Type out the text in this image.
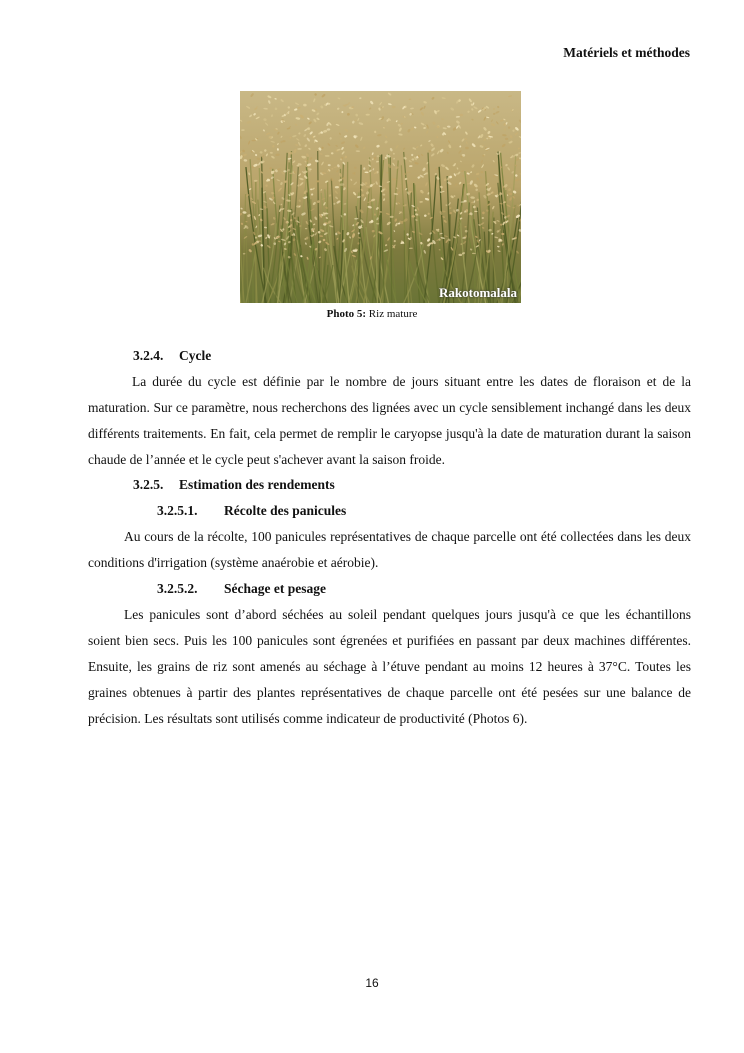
Matériels et méthodes
Rakotomalala
Photo 5: Riz mature
3.2.4. Cycle

La durée du cycle est définie par le nombre de jours situant entre les dates de floraison et de la maturation. Sur ce paramètre, nous recherchons des lignées avec un cycle sensiblement inchangé dans les deux différents traitements. En fait, cela permet de remplir le caryopse jusqu'à la date de maturation durant la saison chaude de l’année et le cycle peut s'achever avant la saison froide.

3.2.5. Estimation des rendements
3.2.5.1. Récolte des panicules

Au cours de la récolte, 100 panicules représentatives de chaque parcelle ont été collectées dans les deux conditions d'irrigation (système anaérobie et aérobie).

3.2.5.2. Séchage et pesage

Les panicules sont d’abord séchées au soleil pendant quelques jours jusqu'à ce que les échantillons soient bien secs. Puis les 100 panicules sont égrenées et purifiées en passant par deux machines différentes. Ensuite, les grains de riz sont amenés au séchage à l’étuve pendant au moins 12 heures à 37°C. Toutes les graines obtenues à partir des plantes représentatives de chaque parcelle ont été pesées sur une balance de précision. Les résultats sont utilisés comme indicateur de productivité (Photos 6).

16
